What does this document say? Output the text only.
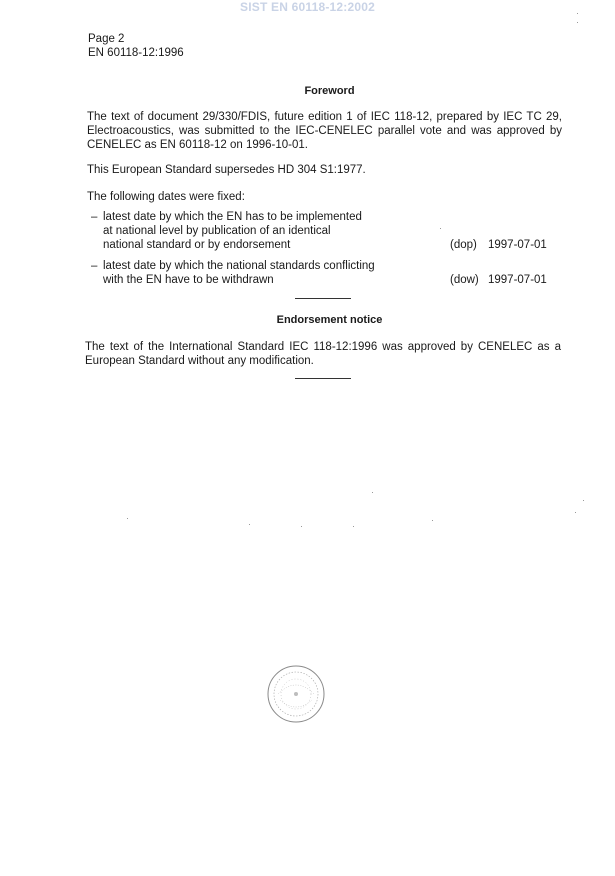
SIST EN 60118-12:2002
Page 2
EN 60118-12:1996
Foreword
The text of document 29/330/FDIS, future edition 1 of IEC 118-12, prepared by IEC TC 29, Electroacoustics, was submitted to the IEC-CENELEC parallel vote and was approved by CENELEC as EN 60118-12 on 1996-10-01.
This European Standard supersedes HD 304 S1:1977.
The following dates were fixed:
– latest date by which the EN has to be implemented
at national level by publication of an identical
national standard or by endorsement	(dop) 1997-07-01
– latest date by which the national standards conflicting
with the EN have to be withdrawn	(dow) 1997-07-01
Endorsement notice
The text of the International Standard IEC 118-12:1996 was approved by CENELEC as a European Standard without any modification.
